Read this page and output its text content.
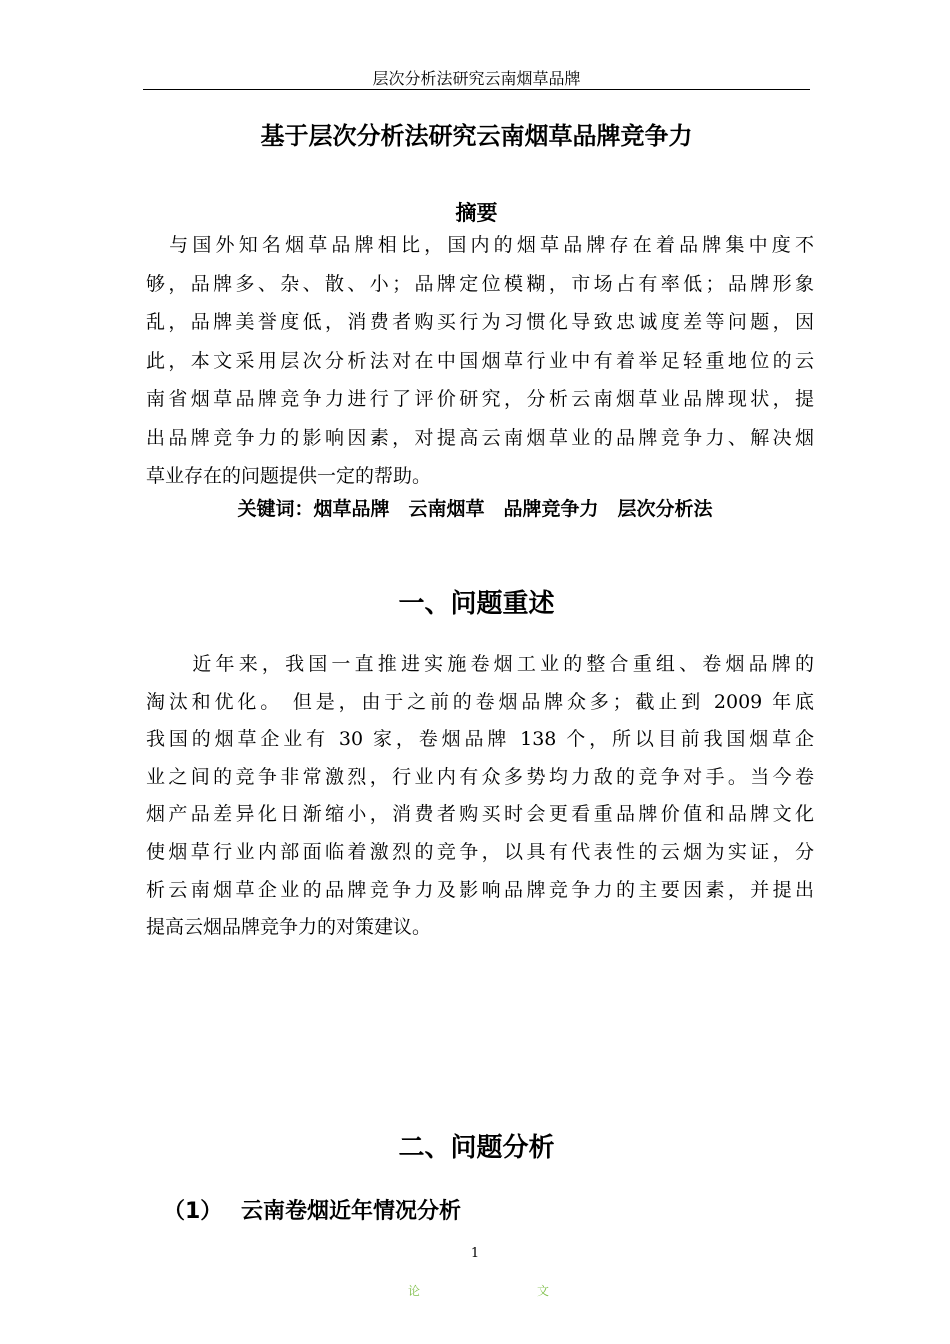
层次分析法研究云南烟草品牌
基于层次分析法研究云南烟草品牌竞争力
摘要
　与国外知名烟草品牌相比，国内的烟草品牌存在着品牌集中度不
够，品牌多、杂、散、小；品牌定位模糊，市场占有率低；品牌形象
乱，品牌美誉度低，消费者购买行为习惯化导致忠诚度差等问题，因
此，本文采用层次分析法对在中国烟草行业中有着举足轻重地位的云
南省烟草品牌竞争力进行了评价研究，分析云南烟草业品牌现状，提
出品牌竞争力的影响因素，对提高云南烟草业的品牌竞争力、解决烟
草业存在的问题提供一定的帮助。
关键词：烟草品牌　云南烟草　品牌竞争力　层次分析法
一、问题重述
　　近年来，我国一直推进实施卷烟工业的整合重组、卷烟品牌的
淘汰和优化。 但是，由于之前的卷烟品牌众多；截止到 2009 年底
我国的烟草企业有 30 家，卷烟品牌 138 个，所以目前我国烟草企
业之间的竞争非常激烈，行业内有众多势均力敌的竞争对手。当今卷
烟产品差异化日渐缩小，消费者购买时会更看重品牌价值和品牌文化
使烟草行业内部面临着激烈的竞争，以具有代表性的云烟为实证，分
析云南烟草企业的品牌竞争力及影响品牌竞争力的主要因素，并提出
提高云烟品牌竞争力的对策建议。
二、问题分析
（1）　 云南卷烟近年情况分析
1
论	文
